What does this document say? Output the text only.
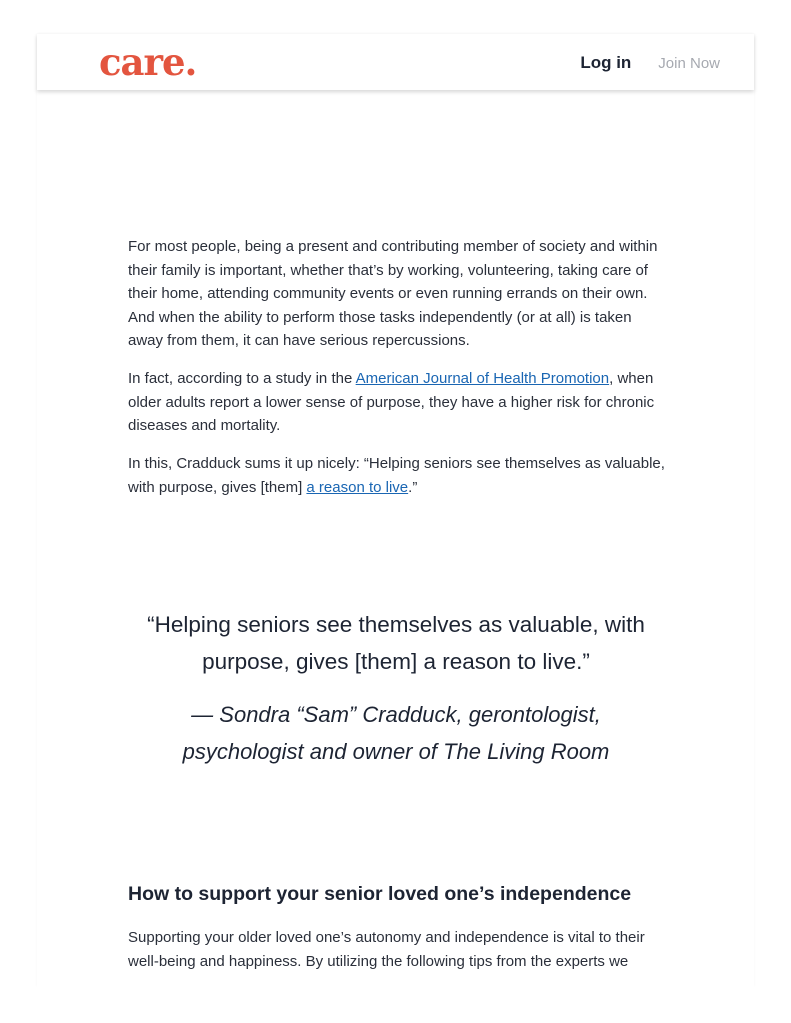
care.	Log in Join Now

For most people, being a present and contributing member of society and within their family is important, whether that’s by working, volunteering, taking care of their home, attending community events or even running errands on their own. And when the ability to perform those tasks independently (or at all) is taken away from them, it can have serious repercussions.

In fact, according to a study in the American Journal of Health Promotion, when older adults report a lower sense of purpose, they have a higher risk for chronic diseases and mortality.

In this, Cradduck sums it up nicely: “Helping seniors see themselves as valuable, with purpose, gives [them] a reason to live.”

“Helping seniors see themselves as valuable, with purpose, gives [them] a reason to live.”
— Sondra “Sam” Cradduck, gerontologist, psychologist and owner of The Living Room
How to support your senior loved one’s independence

Supporting your older loved one’s autonomy and independence is vital to their well-being and happiness. By utilizing the following tips from the experts we
